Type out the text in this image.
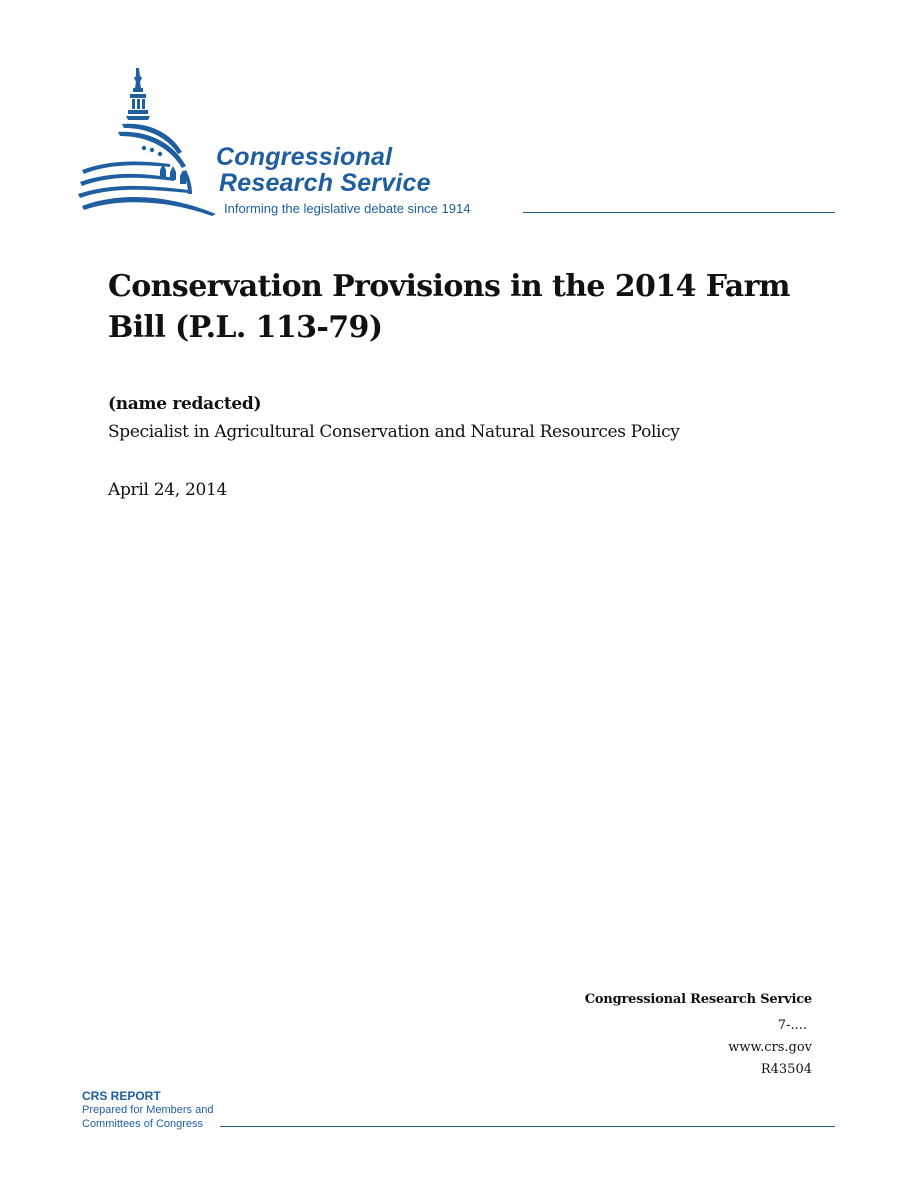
Congressional
Research Service
Informing the legislative debate since 1914
Conservation Provisions in the 2014 Farm Bill (P.L. 113-79)
(name redacted)
Specialist in Agricultural Conservation and Natural Resources Policy
April 24, 2014
Congressional Research Service
7-....
www.crs.gov
R43504
CRS REPORT
Prepared for Members and
Committees of Congress
